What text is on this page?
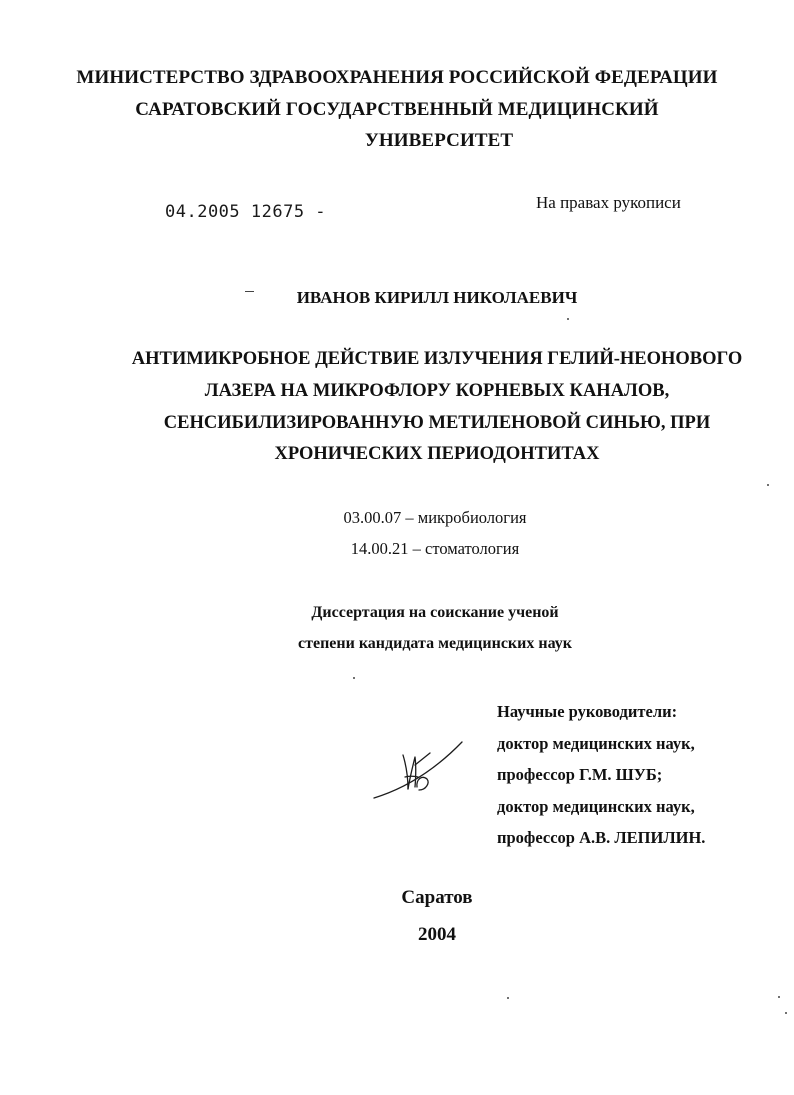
МИНИСТЕРСТВО ЗДРАВООХРАНЕНИЯ РОССИЙСКОЙ ФЕДЕРАЦИИ
САРАТОВСКИЙ ГОСУДАРСТВЕННЫЙ МЕДИЦИНСКИЙ
УНИВЕРСИТЕТ
04.2005 12675 -	На правах рукописи
ИВАНОВ КИРИЛЛ НИКОЛАЕВИЧ
АНТИМИКРОБНОЕ ДЕЙСТВИЕ ИЗЛУЧЕНИЯ ГЕЛИЙ-НЕОНОВОГО
ЛАЗЕРА НА МИКРОФЛОРУ КОРНЕВЫХ КАНАЛОВ,
СЕНСИБИЛИЗИРОВАННУЮ МЕТИЛЕНОВОЙ СИНЬЮ, ПРИ
ХРОНИЧЕСКИХ ПЕРИОДОНТИТАХ
03.00.07 – микробиология
14.00.21 – стоматология
Диссертация на соискание ученой
степени кандидата медицинских наук
Научные руководители:
доктор медицинских наук,
профессор Г.М. ШУБ;
доктор медицинских наук,
профессор А.В. ЛЕПИЛИН.
Саратов
2004
